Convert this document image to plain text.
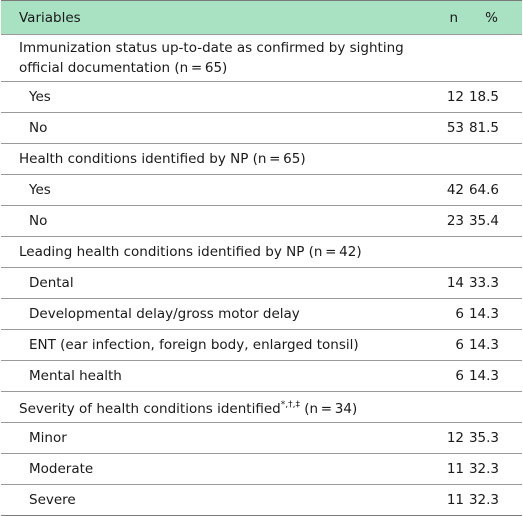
Variables	n	%
Immunization status up-to-date as confirmed by sighting official documentation (n = 65)
Yes	12 18.5
No	53 81.5
Health conditions identified by NP (n = 65)
Yes	42 64.6
No	23 35.4
Leading health conditions identified by NP (n = 42)
Dental	14 33.3
Developmental delay/gross motor delay	6 14.3
ENT (ear infection, foreign body, enlarged tonsil)	6 14.3
Mental health	6 14.3
Severity of health conditions identified*,†,‡ (n = 34)
Minor	12 35.3
Moderate	11 32.3
Severe	11 32.3
